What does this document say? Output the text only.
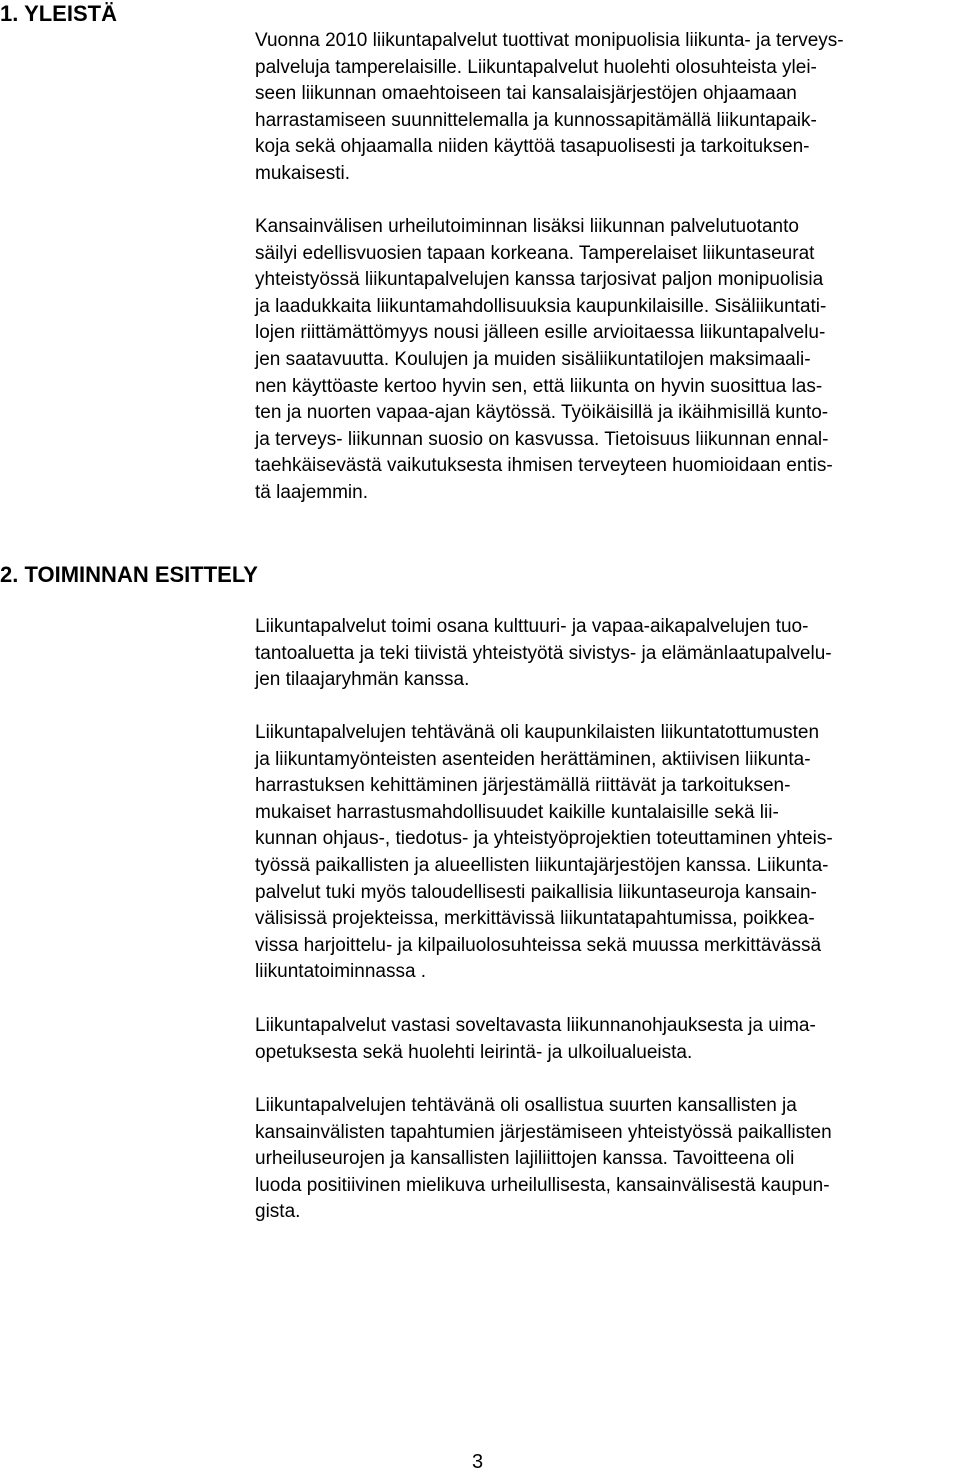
1. YLEISTÄ
Vuonna 2010 liikuntapalvelut tuottivat monipuolisia liikunta- ja terveys-
palveluja tamperelaisille. Liikuntapalvelut huolehti olosuhteista ylei-
seen liikunnan omaehtoiseen tai kansalaisjärjestöjen ohjaamaan
harrastamiseen suunnittelemalla ja kunnossapitämällä liikuntapaik-
koja sekä ohjaamalla niiden käyttöä tasapuolisesti ja tarkoituksen-
mukaisesti.
Kansainvälisen urheilutoiminnan lisäksi liikunnan palvelutuotanto
säilyi edellisvuosien tapaan korkeana. Tamperelaiset liikuntaseurat
yhteistyössä liikuntapalvelujen kanssa tarjosivat paljon monipuolisia
ja laadukkaita liikuntamahdollisuuksia kaupunkilaisille. Sisäliikuntati-
lojen riittämättömyys nousi jälleen esille arvioitaessa liikuntapalvelu-
jen saatavuutta. Koulujen ja muiden sisäliikuntatilojen maksimaali-
nen käyttöaste kertoo hyvin sen, että liikunta on hyvin suosittua las-
ten ja nuorten vapaa-ajan käytössä. Työikäisillä ja ikäihmisillä kunto-
ja terveys- liikunnan suosio on kasvussa. Tietoisuus liikunnan ennal-
taehkäisevästä vaikutuksesta ihmisen terveyteen huomioidaan entis-
tä laajemmin.
2. TOIMINNAN ESITTELY
Liikuntapalvelut toimi osana kulttuuri- ja vapaa-aikapalvelujen tuo-
tantoaluetta ja teki tiivistä yhteistyötä sivistys- ja elämänlaatupalvelu-
jen tilaajaryhmän kanssa.
Liikuntapalvelujen tehtävänä oli kaupunkilaisten liikuntatottumusten
ja liikuntamyönteisten asenteiden herättäminen, aktiivisen liikunta-
harrastuksen kehittäminen järjestämällä riittävät ja tarkoituksen-
mukaiset harrastusmahdollisuudet kaikille kuntalaisille sekä lii-
kunnan ohjaus-, tiedotus- ja yhteistyöprojektien toteuttaminen yhteis-
työssä paikallisten ja alueellisten liikuntajärjestöjen kanssa. Liikunta-
palvelut tuki myös taloudellisesti paikallisia liikuntaseuroja kansain-
välisissä projekteissa, merkittävissä liikuntatapahtumissa, poikkea-
vissa harjoittelu- ja kilpailuolosuhteissa sekä muussa merkittävässä
liikuntatoiminnassa .
Liikuntapalvelut vastasi soveltavasta liikunnanohjauksesta ja uima-
opetuksesta sekä huolehti leirintä- ja ulkoilualueista.
Liikuntapalvelujen tehtävänä oli osallistua suurten kansallisten ja
kansainvälisten tapahtumien järjestämiseen yhteistyössä paikallisten
urheiluseurojen ja kansallisten lajiliittojen kanssa. Tavoitteena oli
luoda positiivinen mielikuva urheilullisesta, kansainvälisestä kaupun-
gista.
3
